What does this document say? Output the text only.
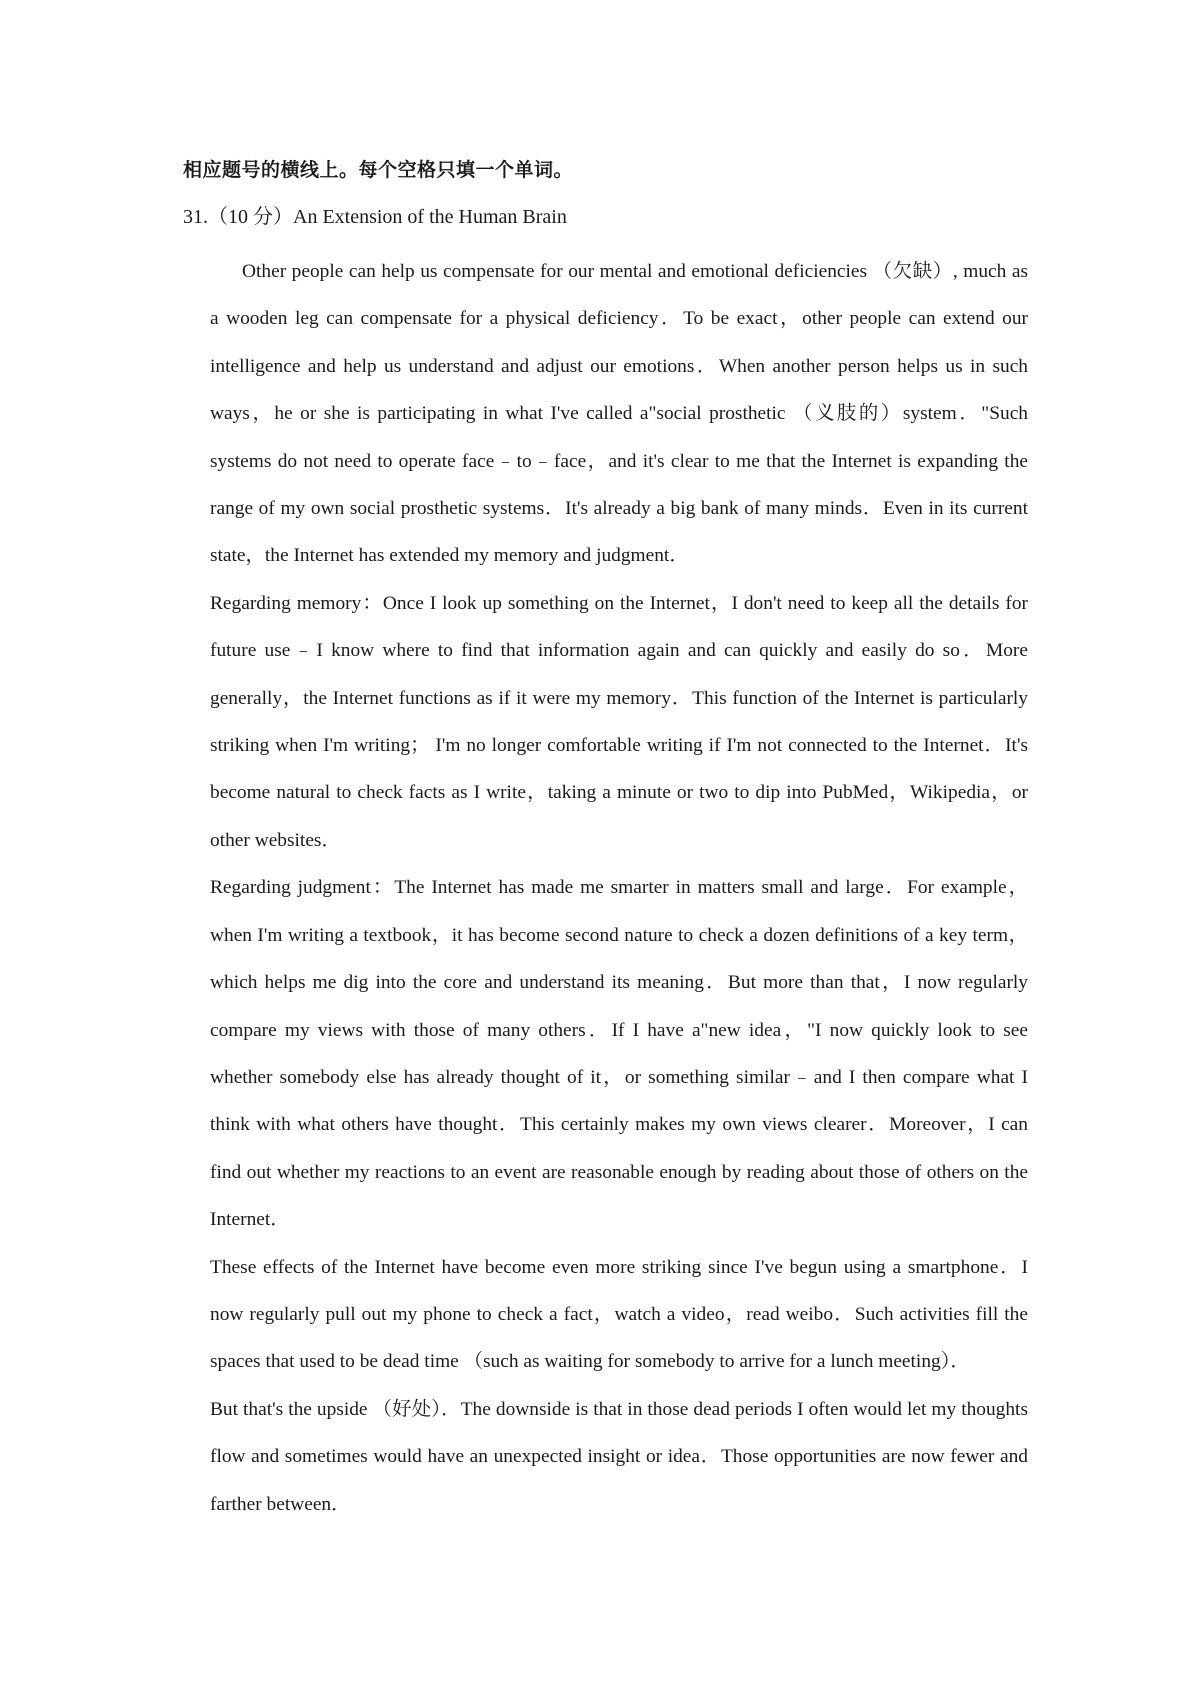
相应题号的横线上。每个空格只填一个单词。
31.（10 分）An Extension of the Human Brain

Other people can help us compensate for our mental and emotional deficiencies （欠缺）, much as a wooden leg can compensate for a physical deficiency．To be exact，other people can extend our intelligence and help us understand and adjust our emotions．When another person helps us in such ways，he or she is participating in what I've called a"social prosthetic （义肢的）system．"Such systems do not need to operate face﹣to﹣face，and it's clear to me that the Internet is expanding the range of my own social prosthetic systems．It's already a big bank of many minds．Even in its current state，the Internet has extended my memory and judgment．

Regarding memory：Once I look up something on the Internet，I don't need to keep all the details for future use﹣I know where to find that information again and can quickly and easily do so．More generally，the Internet functions as if it were my memory．This function of the Internet is particularly striking when I'm writing； I'm no longer comfortable writing if I'm not connected to the Internet．It's become natural to check facts as I write，taking a minute or two to dip into PubMed，Wikipedia，or other websites．

Regarding judgment：The Internet has made me smarter in matters small and large．For example，when I'm writing a textbook，it has become second nature to check a dozen definitions of a key term，which helps me dig into the core and understand its meaning．But more than that，I now regularly compare my views with those of many others．If I have a"new idea，"I now quickly look to see whether somebody else has already thought of it，or something similar﹣and I then compare what I think with what others have thought．This certainly makes my own views clearer．Moreover，I can find out whether my reactions to an event are reasonable enough by reading about those of others on the Internet．

These effects of the Internet have become even more striking since I've begun using a smartphone．I now regularly pull out my phone to check a fact，watch a video，read weibo．Such activities fill the spaces that used to be dead time （such as waiting for somebody to arrive for a lunch meeting）．

But that's the upside （好处）．The downside is that in those dead periods I often would let my thoughts flow and sometimes would have an unexpected insight or idea．Those opportunities are now fewer and farther between．
